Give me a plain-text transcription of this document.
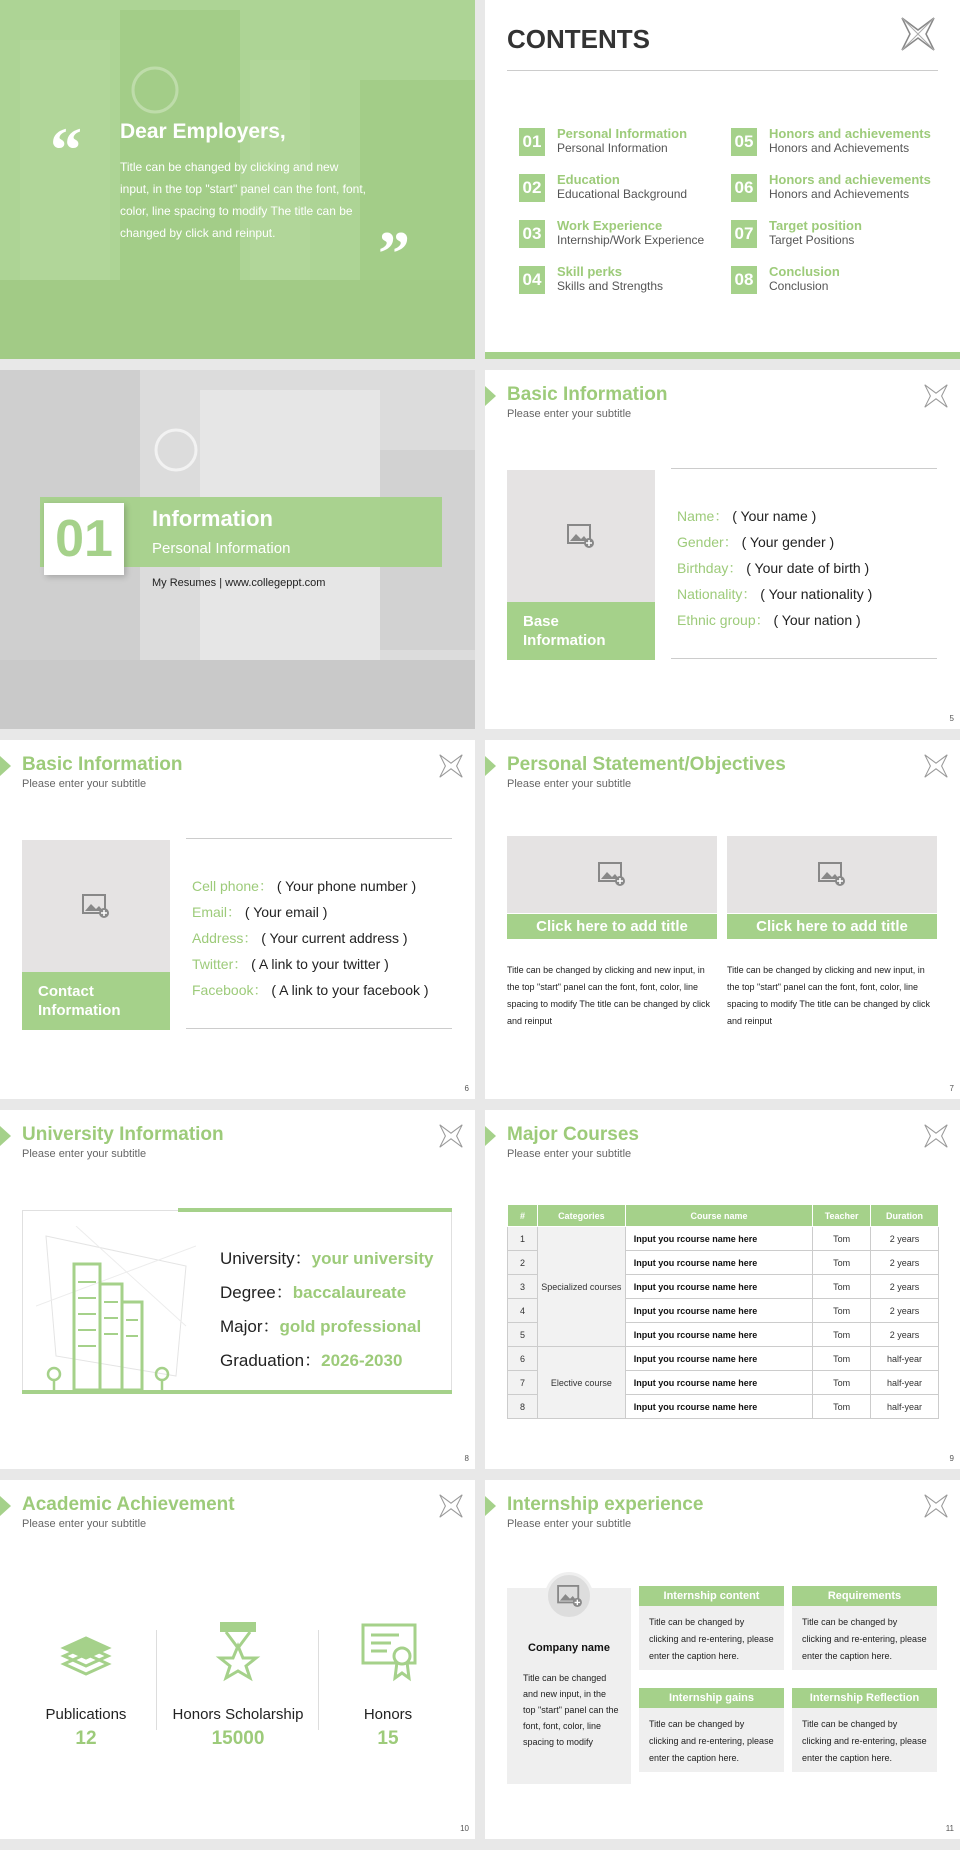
“ Dear Employers,
Title can be changed by clicking and new input, in the top "start" panel can the font, font, color, line spacing to modify The title can be changed by click and reinput.	”
CONTENTS
01 Personal Information
Personal Information
02 Education
Educational Background
03 Work Experience
Internship/Work Experience
04 Skill perks
Skills and Strengths
05 Honors and achievements
Honors and Achievements
06 Honors and achievements
Honors and Achievements
07 Target position
Target Positions
08 Conclusion
Conclusion
01	Information
Personal Information
My Resumes | www.collegeppt.com
Basic Information
Please enter your subtitle
Base Information
Name： ( Your name )
Gender： ( Your gender )
Birthday： ( Your date of birth )
Nationality： ( Your nationality )
Ethnic group： ( Your nation )
5
Basic Information
Please enter your subtitle
Contact Information
Cell phone： ( Your phone number )
Email： ( Your email )
Address： ( Your current address )
Twitter： ( A link to your twitter )
Facebook： ( A link to your facebook )
6
Personal Statement/Objectives
Please enter your subtitle
Click here to add title
Title can be changed by clicking and new input, in the top "start" panel can the font, font, color, line spacing to modify The title can be changed by click and reinput
Click here to add title
Title can be changed by clicking and new input, in the top "start" panel can the font, font, color, line spacing to modify The title can be changed by click and reinput
7
University Information
Please enter your subtitle
University：your university
Degree：baccalaureate
Major：gold professional
Graduation：2026-2030
8
Major Courses
Please enter your subtitle
#	Categories	Course name	Teacher	Duration
1	Specialized courses	Input you rcourse name here	Tom	2 years
2		Input you rcourse name here	Tom	2 years
3		Input you rcourse name here	Tom	2 years
4		Input you rcourse name here	Tom	2 years
5		Input you rcourse name here	Tom	2 years
6	Elective course	Input you rcourse name here	Tom	half-year
7		Input you rcourse name here	Tom	half-year
8		Input you rcourse name here	Tom	half-year
9
Academic Achievement
Please enter your subtitle
Publications
12
Honors Scholarship
15000
Honors
15
10
Internship experience
Please enter your subtitle
Company name
Title can be changed and new input, in the top "start" panel can the font, font, color, line spacing to modify
Internship content
Title can be changed by clicking and re-entering, please enter the caption here.
Requirements
Title can be changed by clicking and re-entering, please enter the caption here.
Internship gains
Title can be changed by clicking and re-entering, please enter the caption here.
Internship Reflection
Title can be changed by clicking and re-entering, please enter the caption here.
11
